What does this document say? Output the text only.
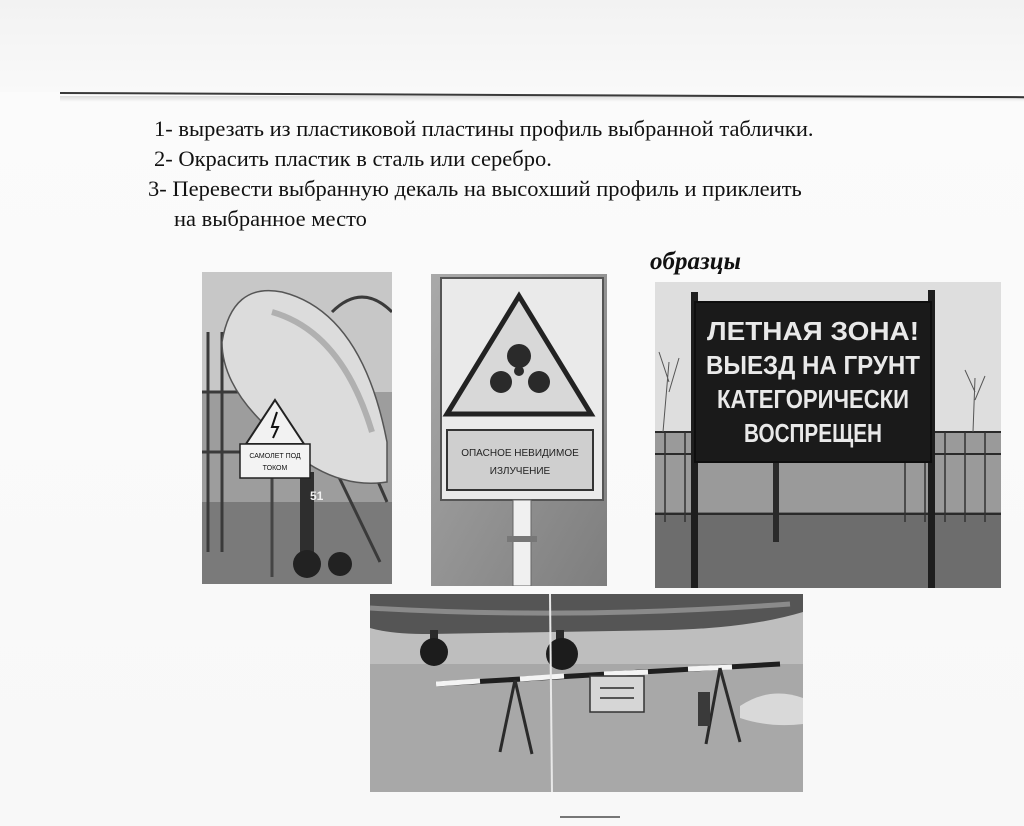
1- вырезать из пластиковой пластины профиль выбранной таблички.
2- Окрасить пластик в сталь или серебро.
3- Перевести выбранную декаль на высохший профиль и приклеить
на выбранное место
образцы
САМОЛЕТ ПОД
ТОКОМ
51
ОПАСНОЕ НЕВИДИМОЕ
ИЗЛУЧЕНИЕ
ЛЕТНАЯ ЗОНА!
ВЫЕЗД НА ГРУНТ
КАТЕГОРИЧЕСКИ
ВОСПРЕЩЕН
